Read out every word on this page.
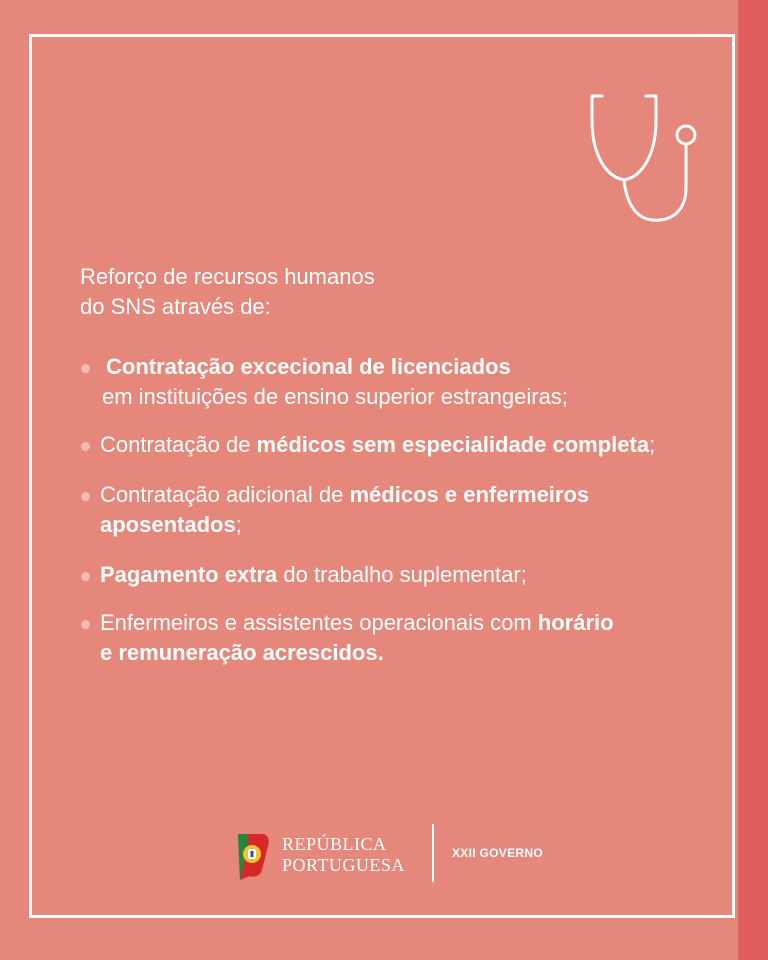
Reforço de recursos humanos
do SNS através de:
Contratação excecional de licenciados
em instituições de ensino superior estrangeiras;
Contratação de médicos sem especialidade completa;
Contratação adicional de médicos e enfermeiros
aposentados;
Pagamento extra do trabalho suplementar;
Enfermeiros e assistentes operacionais com horário
e remuneração acrescidos.
REPÚBLICA
PORTUGUESA
XXII GOVERNO
